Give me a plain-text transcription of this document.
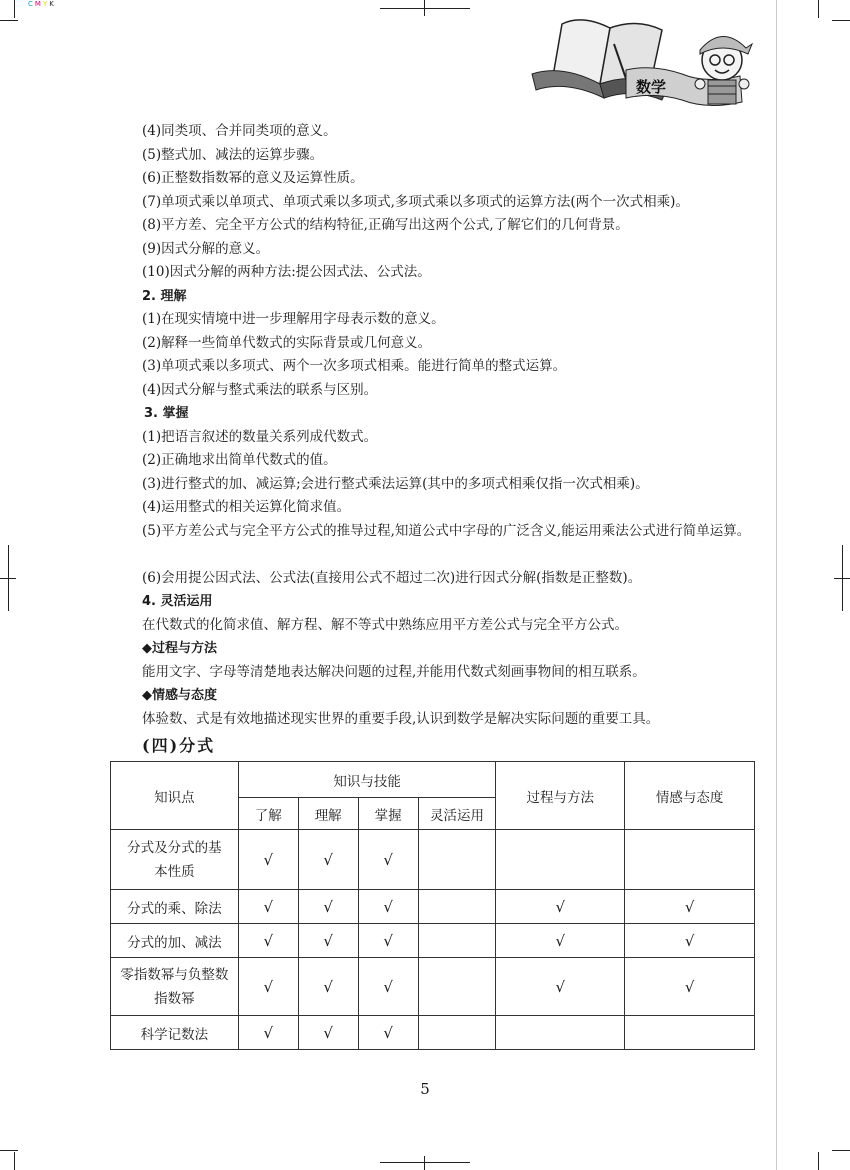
CMYK
数学
(4)同类项、合并同类项的意义。
(5)整式加、减法的运算步骤。
(6)正整数指数幂的意义及运算性质。
(7)单项式乘以单项式、单项式乘以多项式,多项式乘以多项式的运算方法(两个一次式相乘)。
(8)平方差、完全平方公式的结构特征,正确写出这两个公式,了解它们的几何背景。
(9)因式分解的意义。
(10)因式分解的两种方法:提公因式法、公式法。
2. 理解
(1)在现实情境中进一步理解用字母表示数的意义。
(2)解释一些简单代数式的实际背景或几何意义。
(3)单项式乘以多项式、两个一次多项式相乘。能进行简单的整式运算。
(4)因式分解与整式乘法的联系与区别。
3. 掌握
(1)把语言叙述的数量关系列成代数式。
(2)正确地求出简单代数式的值。
(3)进行整式的加、减运算;会进行整式乘法运算(其中的多项式相乘仅指一次式相乘)。
(4)运用整式的相关运算化简求值。
(5)平方差公式与完全平方公式的推导过程,知道公式中字母的广泛含义,能运用乘法公式进行简单运算。
(6)会用提公因式法、公式法(直接用公式不超过二次)进行因式分解(指数是正整数)。
4. 灵活运用
在代数式的化简求值、解方程、解不等式中熟练应用平方差公式与完全平方公式。
◆过程与方法
能用文字、字母等清楚地表达解决问题的过程,并能用代数式刻画事物间的相互联系。
◆情感与态度
体验数、式是有效地描述现实世界的重要手段,认识到数学是解决实际问题的重要工具。
(四)分式
知识点	知识与技能				过程与方法	情感与态度
	了解	理解	掌握	灵活运用		
分式及分式的基本性质	√	√	√			
分式的乘、除法	√	√	√		√	√
分式的加、减法	√	√	√		√	√
零指数幂与负整数指数幂	√	√	√		√	√
科学记数法	√	√	√			
5
